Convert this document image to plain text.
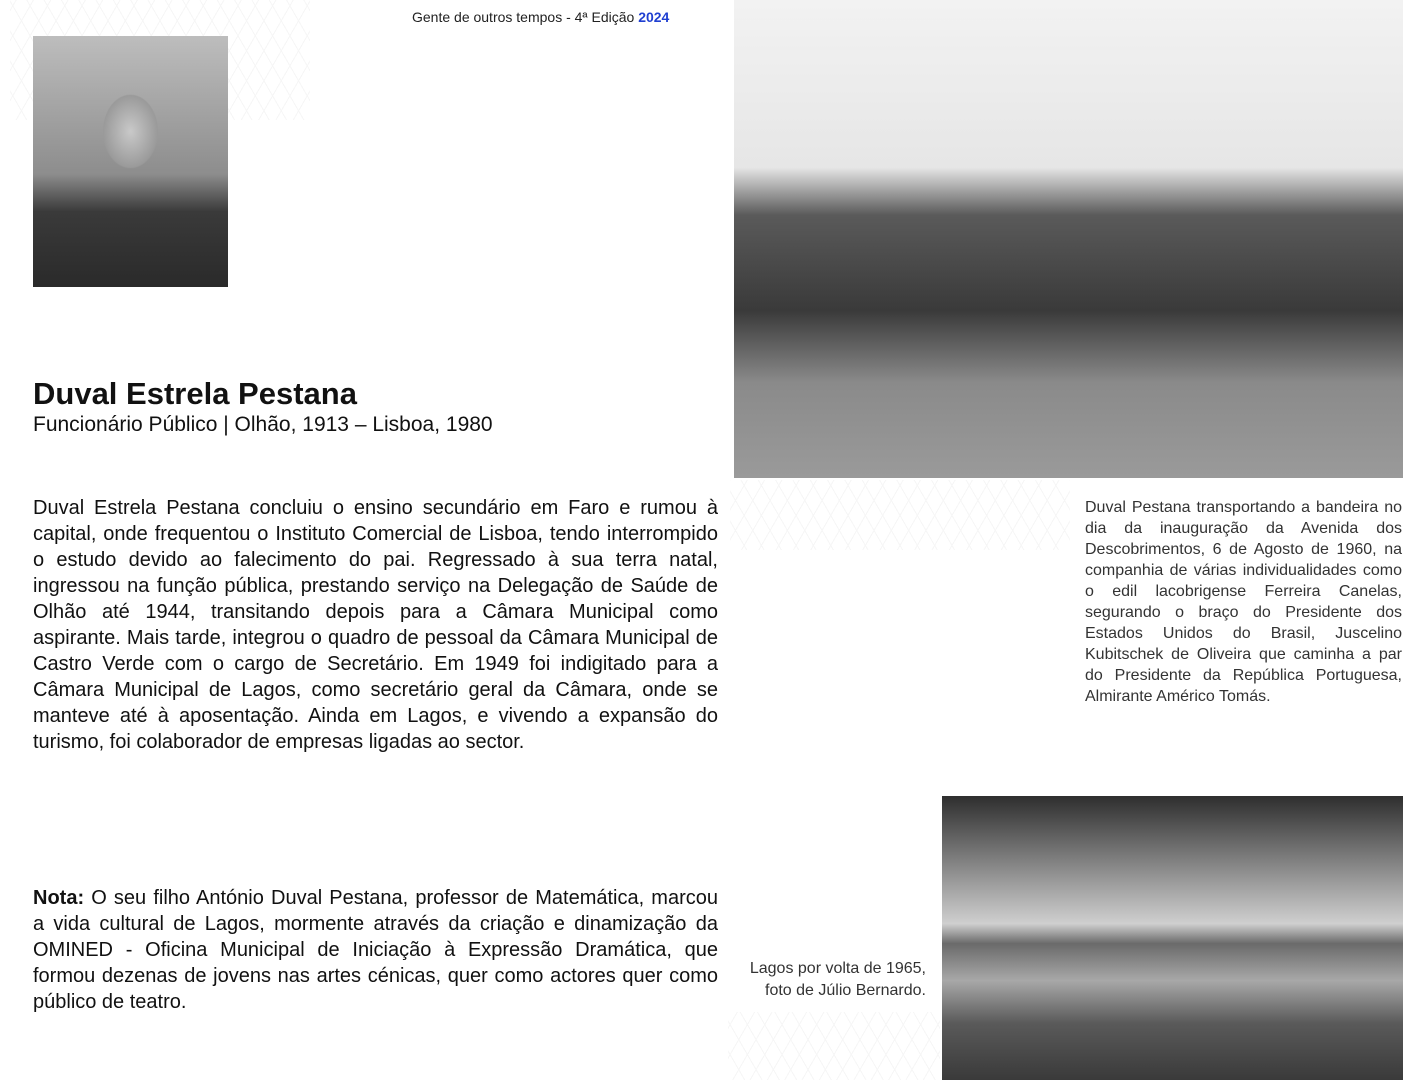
Gente de outros tempos - 4ª Edição 2024
Duval Estrela Pestana
Funcionário Público | Olhão, 1913 – Lisboa, 1980
Duval Estrela Pestana concluiu o ensino secundário em Faro e rumou à capital, onde frequentou o Instituto Comercial de Lisboa, tendo interrompido o estudo devido ao falecimento do pai. Regressado à sua terra natal, ingressou na função pública, prestando serviço na Delegação de Saúde de Olhão até 1944, transitando depois para a Câmara Municipal como aspirante. Mais tarde, integrou o quadro de pessoal da Câmara Municipal de Castro Verde com o cargo de Secretário. Em 1949 foi indigitado para a Câmara Municipal de Lagos, como secretário geral da Câmara, onde se manteve até à aposentação. Ainda em Lagos, e vivendo a expansão do turismo, foi colaborador de empresas ligadas ao sector.
Nota: O seu filho António Duval Pestana, professor de Matemática, marcou a vida cultural de Lagos, mormente através da criação e dinamização da OMINED - Oficina Municipal de Iniciação à Expressão Dramática, que formou dezenas de jovens nas artes cénicas, quer como actores quer como público de teatro.
Duval Pestana transportando a bandeira no dia da inauguração da Avenida dos Descobrimentos, 6 de Agosto de 1960, na companhia de várias individualidades como o edil lacobrigense Ferreira Canelas, segurando o braço do Presidente dos Estados Unidos do Brasil, Juscelino Kubitschek de Oliveira que caminha a par do Presidente da República Portuguesa, Almirante Américo Tomás.
Lagos por volta de 1965, foto de Júlio Bernardo.
